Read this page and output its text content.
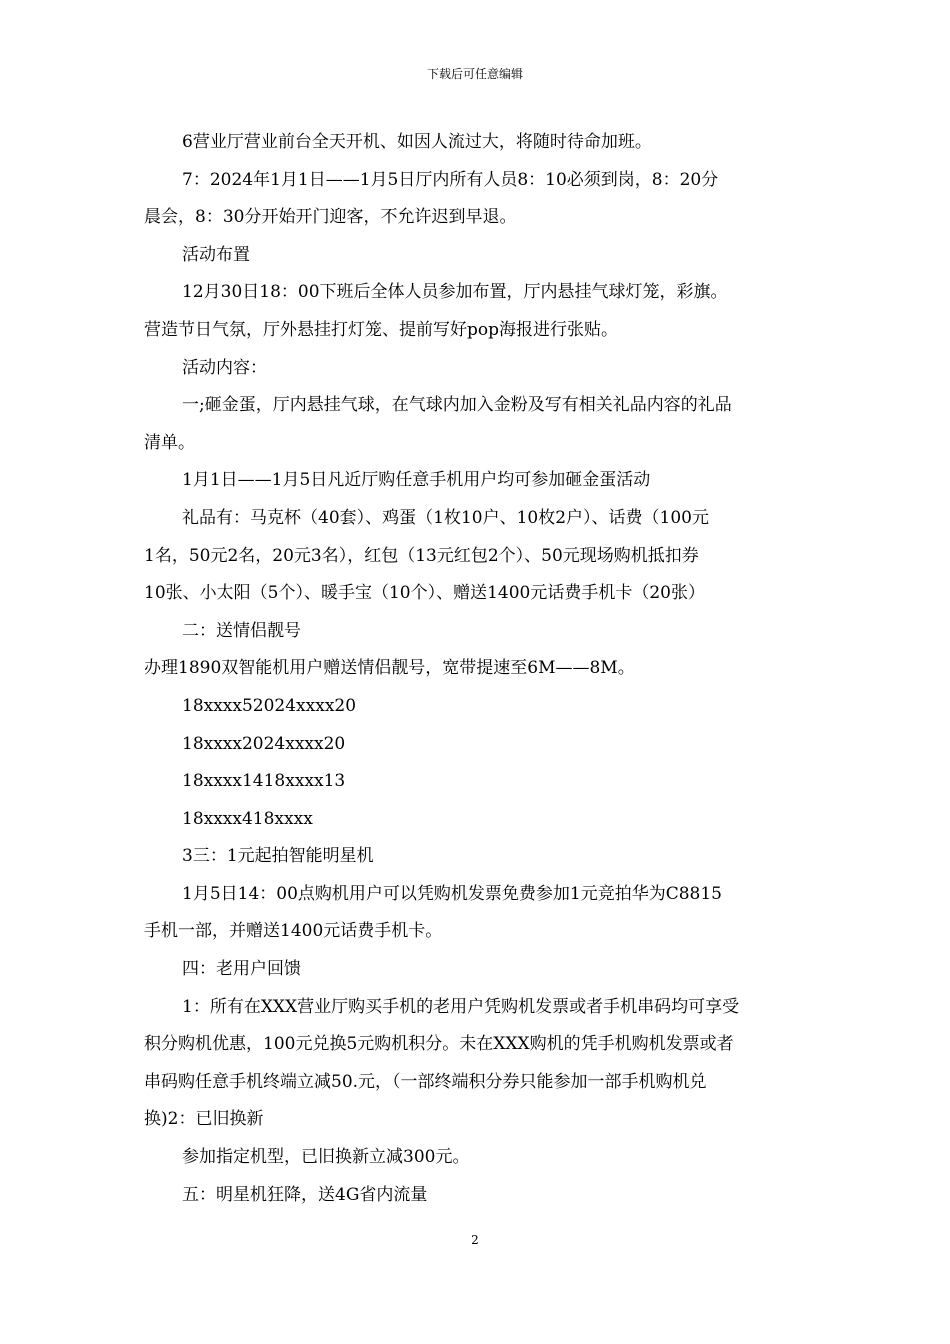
下载后可任意编辑

6营业厅营业前台全天开机、如因人流过大，将随时待命加班。

7：2024年1月1日——1月5日厅内所有人员8：10必须到岗，8：20分

晨会，8：30分开始开门迎客，不允许迟到早退。

活动布置

12月30日18：00下班后全体人员参加布置，厅内悬挂气球灯笼，彩旗。

营造节日气氛，厅外悬挂打灯笼、提前写好pop海报进行张贴。

活动内容：

一;砸金蛋，厅内悬挂气球，在气球内加入金粉及写有相关礼品内容的礼品

清单。

1月1日——1月5日凡近厅购任意手机用户均可参加砸金蛋活动

礼品有：马克杯（40套）、鸡蛋（1枚10户、10枚2户）、话费（100元

1名，50元2名，20元3名），红包（13元红包2个）、50元现场购机抵扣券

10张、小太阳（5个）、暖手宝（10个）、赠送1400元话费手机卡（20张）

二：送情侣靓号

办理1890双智能机用户赠送情侣靓号，宽带提速至6M——8M。

18xxxx52024xxxx20

18xxxx2024xxxx20

18xxxx1418xxxx13

18xxxx418xxxx

3三：1元起拍智能明星机

1月5日14：00点购机用户可以凭购机发票免费参加1元竞拍华为C8815

手机一部，并赠送1400元话费手机卡。

四：老用户回馈

1：所有在XXX营业厅购买手机的老用户凭购机发票或者手机串码均可享受

积分购机优惠，100元兑换5元购机积分。未在XXX购机的凭手机购机发票或者

串码购任意手机终端立减50.元，（一部终端积分券只能参加一部手机购机兑

换)2：已旧换新

参加指定机型，已旧换新立减300元。

五：明星机狂降，送4G省内流量

2
